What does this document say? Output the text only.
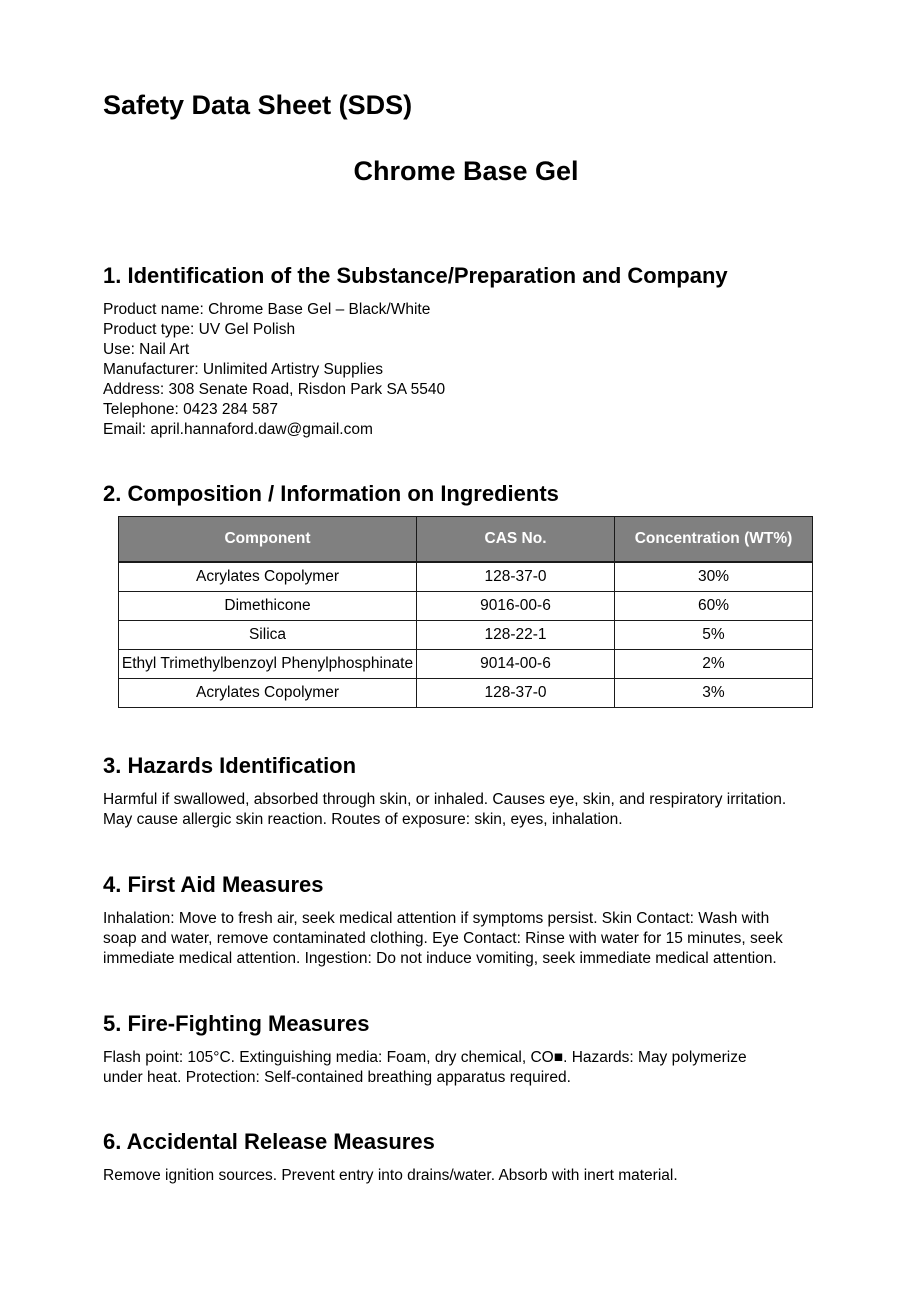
Safety Data Sheet (SDS)
Chrome Base Gel
1. Identification of the Substance/Preparation and Company
Product name: Chrome Base Gel – Black/White
Product type: UV Gel Polish
Use: Nail Art
Manufacturer: Unlimited Artistry Supplies
Address: 308 Senate Road, Risdon Park SA 5540
Telephone: 0423 284 587
Email: april.hannaford.daw@gmail.com
2. Composition / Information on Ingredients
Component	CAS No.	Concentration (WT%)

Acrylates Copolymer	128-37-0	30%
Dimethicone	9016-00-6	60%
Silica	128-22-1	5%
Ethyl Trimethylbenzoyl Phenylphosphinate	9014-00-6	2%
Acrylates Copolymer	128-37-0	3%
3. Hazards Identification
Harmful if swallowed, absorbed through skin, or inhaled. Causes eye, skin, and respiratory irritation.
May cause allergic skin reaction. Routes of exposure: skin, eyes, inhalation.
4. First Aid Measures
Inhalation: Move to fresh air, seek medical attention if symptoms persist. Skin Contact: Wash with
soap and water, remove contaminated clothing. Eye Contact: Rinse with water for 15 minutes, seek
immediate medical attention. Ingestion: Do not induce vomiting, seek immediate medical attention.
5. Fire-Fighting Measures
Flash point: 105°C. Extinguishing media: Foam, dry chemical, CO■. Hazards: May polymerize
under heat. Protection: Self-contained breathing apparatus required.
6. Accidental Release Measures
Remove ignition sources. Prevent entry into drains/water. Absorb with inert material.
